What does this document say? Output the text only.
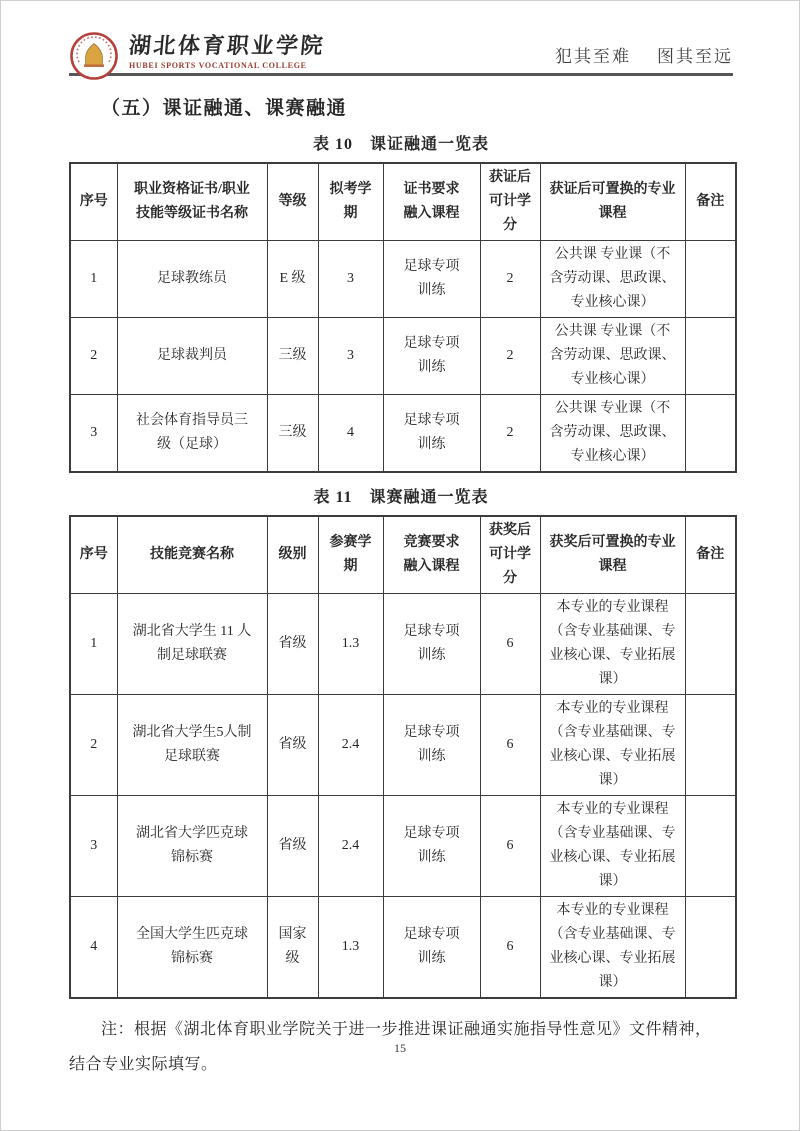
湖北体育职业学院
HUBEI SPORTS VOCATIONAL COLLEGE	犯其至难 图其至远
（五）课证融通、课赛融通
表 10　课证融通一览表
序号	职业资格证书/职业技能等级证书名称	等级	拟考学期	证书要求融入课程	获证后可计学分	获证后可置换的专业课程	备注
1	足球教练员	E 级	3	足球专项训练	2	公共课 专业课（不含劳动课、思政课、专业核心课）	
2	足球裁判员	三级	3	足球专项训练	2	公共课 专业课（不含劳动课、思政课、专业核心课）	
3	社会体育指导员三级（足球）	三级	4	足球专项训练	2	公共课 专业课（不含劳动课、思政课、专业核心课）	
表 11　课赛融通一览表
序号	技能竞赛名称	级别	参赛学期	竞赛要求融入课程	获奖后可计学分	获奖后可置换的专业课程	备注
1	湖北省大学生 11 人制足球联赛	省级	1.3	足球专项训练	6	本专业的专业课程（含专业基础课、专业核心课、专业拓展课）	
2	湖北省大学生5人制足球联赛	省级	2.4	足球专项训练	6	本专业的专业课程（含专业基础课、专业核心课、专业拓展课）	
3	湖北省大学匹克球锦标赛	省级	2.4	足球专项训练	6	本专业的专业课程（含专业基础课、专业核心课、专业拓展课）	
4	全国大学生匹克球锦标赛	国家级	1.3	足球专项训练	6	本专业的专业课程（含专业基础课、专业核心课、专业拓展课）	

注：根据《湖北体育职业学院关于进一步推进课证融通实施指导性意见》文件精神，结合专业实际填写。

15
